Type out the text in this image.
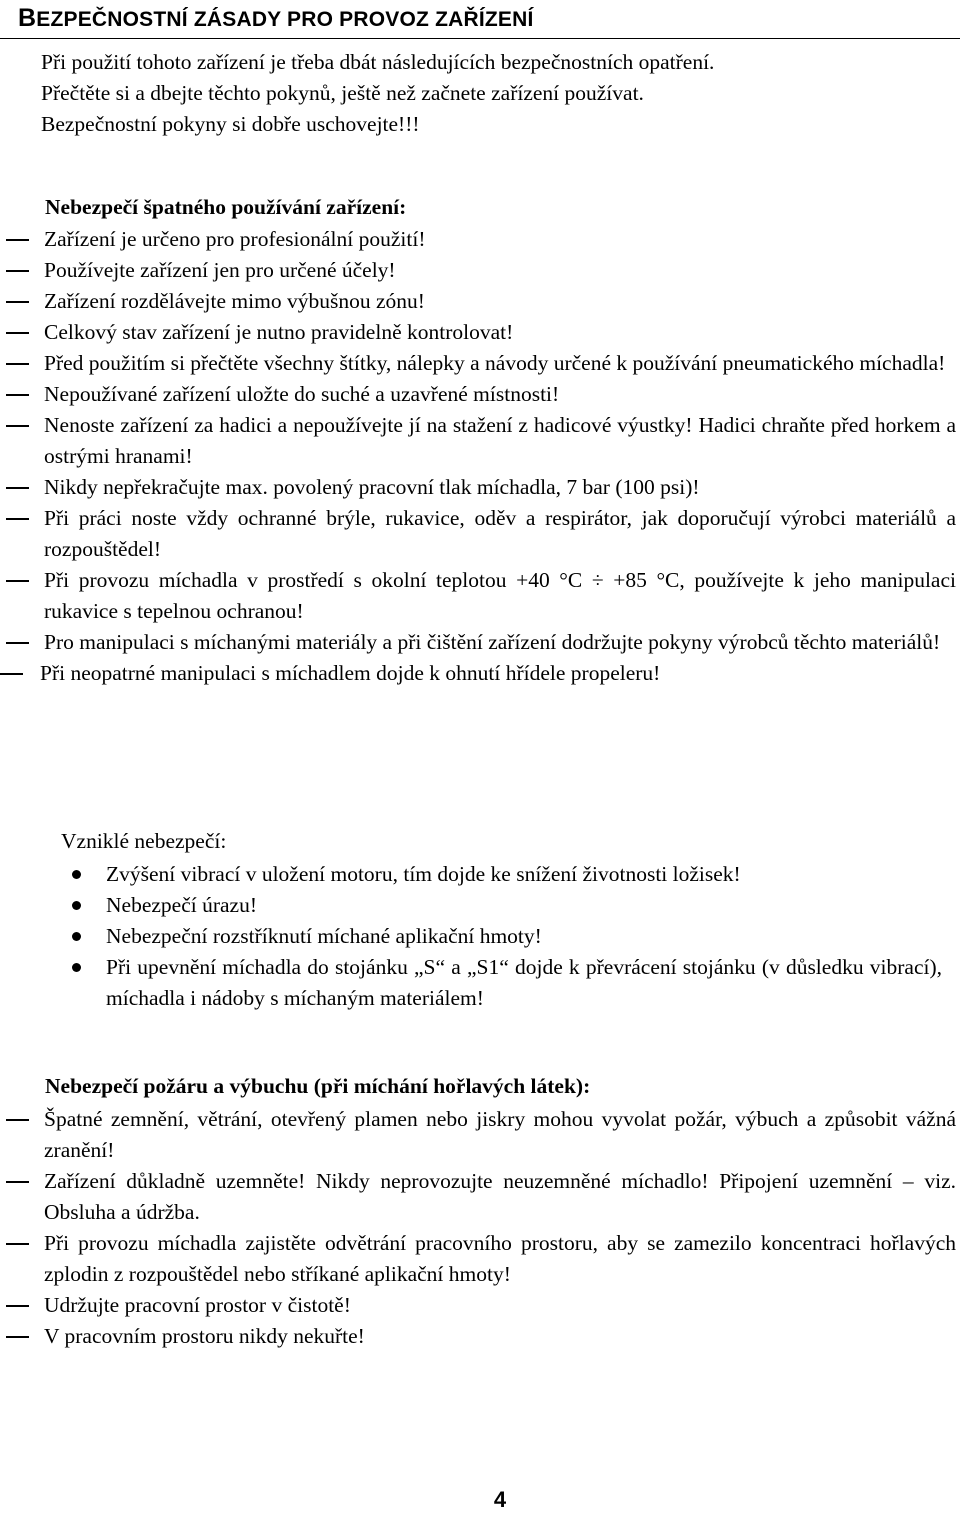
BEZPEČNOSTNÍ ZÁSADY PRO PROVOZ ZAŘÍZENÍ
Při použití tohoto zařízení je třeba dbát následujících bezpečnostních opatření.
Přečtěte si a dbejte těchto pokynů, ještě než začnete zařízení používat.
Bezpečnostní pokyny si dobře uschovejte!!!
Nebezpečí špatného používání zařízení:
Zařízení je určeno pro profesionální použití!
Používejte zařízení jen pro určené účely!
Zařízení rozdělávejte mimo výbušnou zónu!
Celkový stav zařízení je nutno pravidelně kontrolovat!
Před použitím si přečtěte všechny štítky, nálepky a návody určené k používání pneumatického míchadla!
Nepoužívané zařízení uložte do suché a uzavřené místnosti!
Nenoste zařízení za hadici a nepoužívejte jí na stažení z hadicové výustky! Hadici chraňte před horkem a ostrými hranami!
Nikdy nepřekračujte max. povolený pracovní tlak míchadla, 7 bar (100 psi)!
Při práci noste vždy ochranné brýle, rukavice, oděv a respirátor, jak doporučují výrobci materiálů a rozpouštědel!
Při provozu míchadla v prostředí s okolní teplotou +40 °C ÷ +85 °C, používejte k jeho manipulaci rukavice s tepelnou ochranou!
Pro manipulaci s míchanými materiály a při čištění zařízení dodržujte pokyny výrobců těchto materiálů!
Při neopatrné manipulaci s míchadlem dojde k ohnutí hřídele propeleru!
Vzniklé nebezpečí:
Zvýšení vibrací v uložení motoru, tím dojde ke snížení životnosti ložisek!
Nebezpečí úrazu!
Nebezpeční rozstříknutí míchané aplikační hmoty!
Při upevnění míchadla do stojánku „S“ a „S1“ dojde k převrácení stojánku (v důsledku vibrací), míchadla i nádoby s míchaným materiálem!
Nebezpečí požáru a výbuchu (při míchání hořlavých látek):
Špatné zemnění, větrání, otevřený plamen nebo jiskry mohou vyvolat požár, výbuch a způsobit vážná zranění!
Zařízení důkladně uzemněte! Nikdy neprovozujte neuzemněné míchadlo! Připojení uzemnění – viz. Obsluha a údržba.
Při provozu míchadla zajistěte odvětrání pracovního prostoru, aby se zamezilo koncentraci hořlavých zplodin z rozpouštědel nebo stříkané aplikační hmoty!
Udržujte pracovní prostor v čistotě!
V pracovním prostoru nikdy nekuřte!
4
